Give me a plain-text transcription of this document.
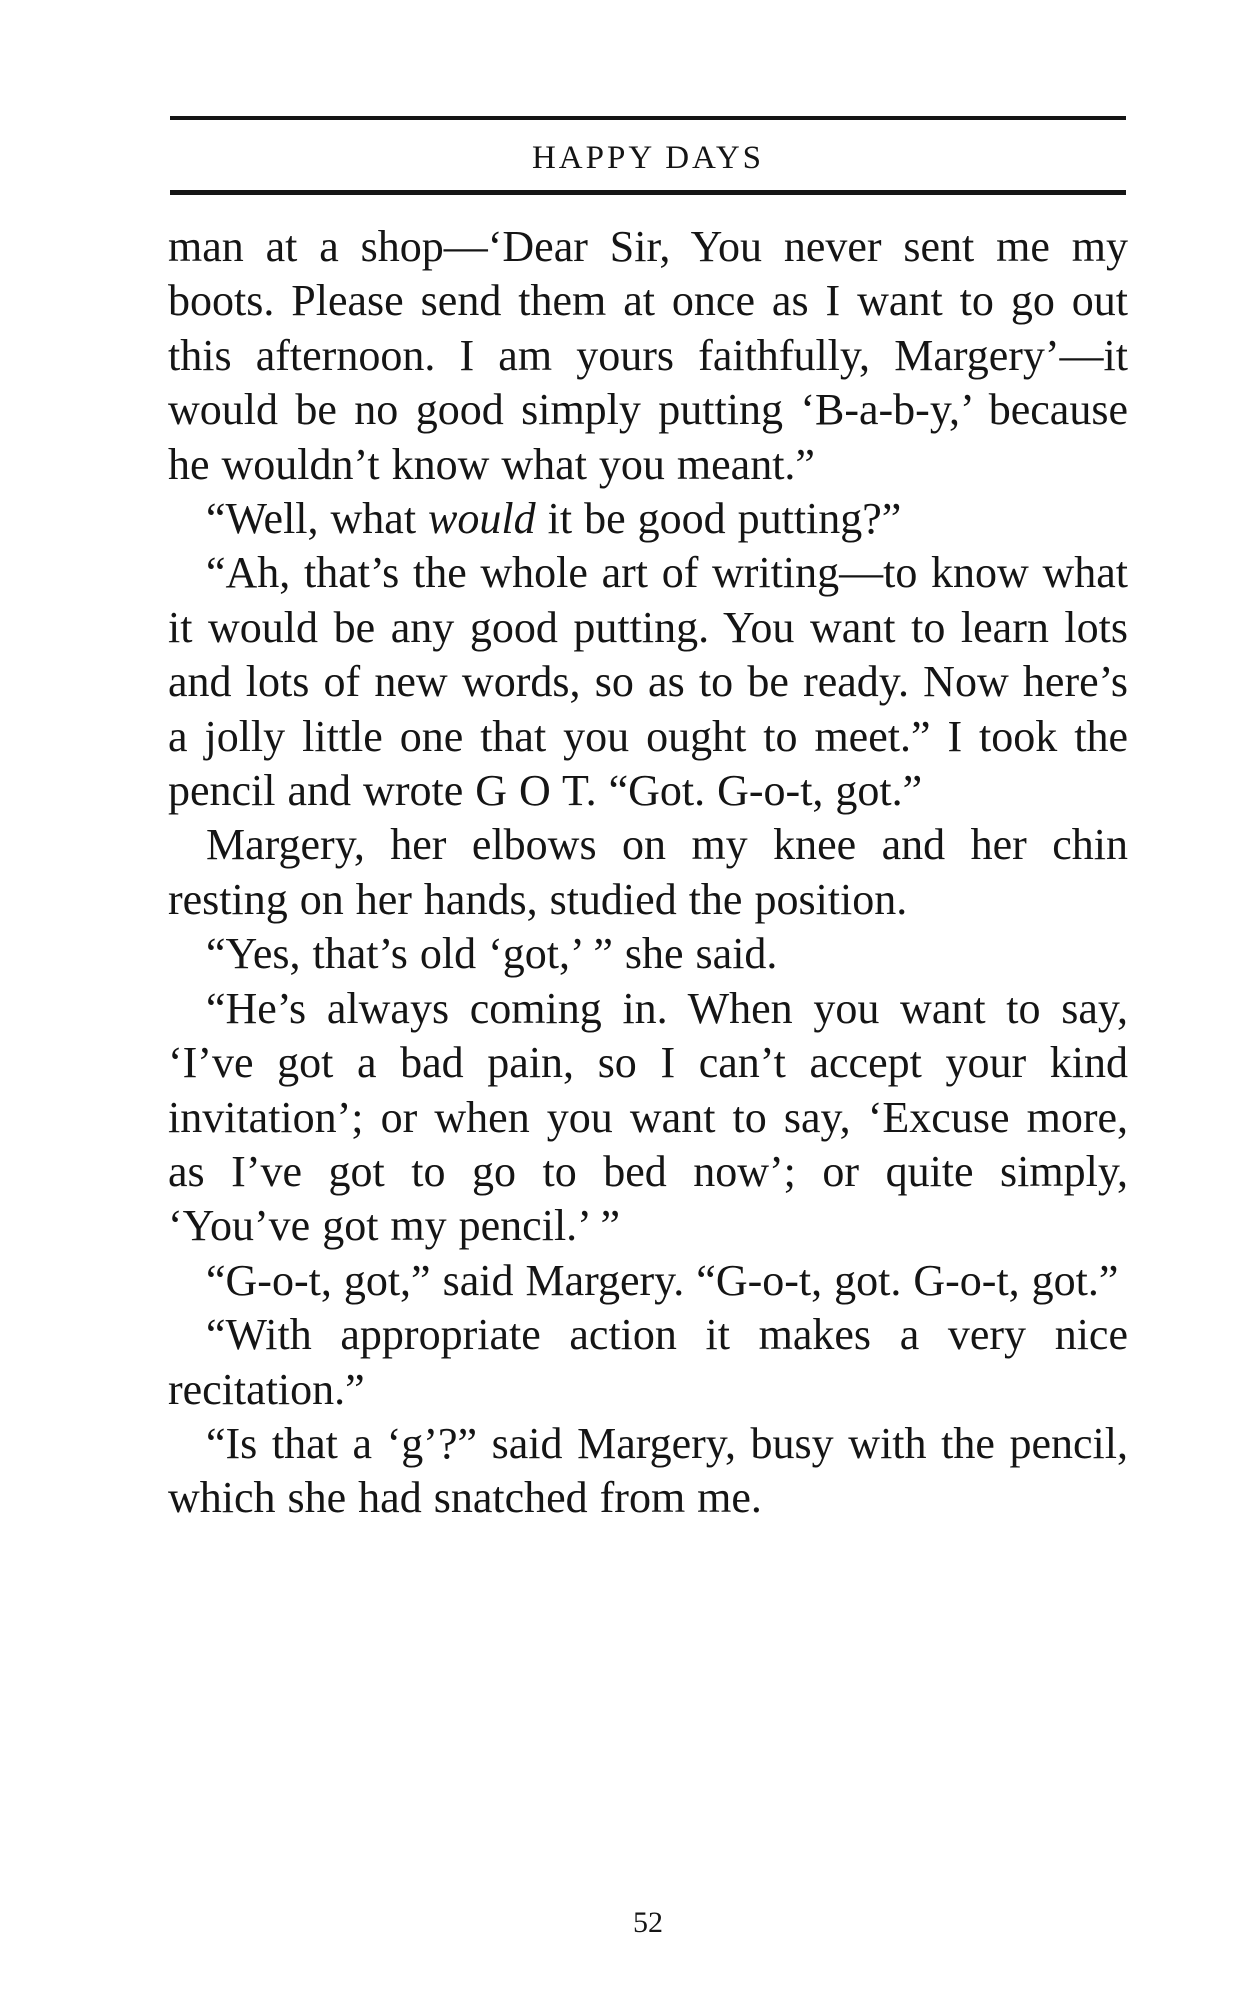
HAPPY DAYS

man at a shop—‘Dear Sir, You never sent me my boots. Please send them at once as I want to go out this afternoon. I am yours faithfully, Margery’—it would be no good simply putting ‘B-a-b-y,’ because he wouldn’t know what you meant.”

“Well, what would it be good putting?”

“Ah, that’s the whole art of writing—to know what it would be any good putting. You want to learn lots and lots of new words, so as to be ready. Now here’s a jolly little one that you ought to meet.” I took the pencil and wrote G O T. “Got. G-o-t, got.”

Margery, her elbows on my knee and her chin resting on her hands, studied the position.

“Yes, that’s old ‘got,’ ” she said.

“He’s always coming in. When you want to say, ‘I’ve got a bad pain, so I can’t accept your kind invitation’; or when you want to say, ‘Excuse more, as I’ve got to go to bed now’; or quite simply, ‘You’ve got my pencil.’ ”

“G-o-t, got,” said Margery. “G-o-t, got. G-o-t, got.”

“With appropriate action it makes a very nice recitation.”

“Is that a ‘g’?” said Margery, busy with the pencil, which she had snatched from me.

52
